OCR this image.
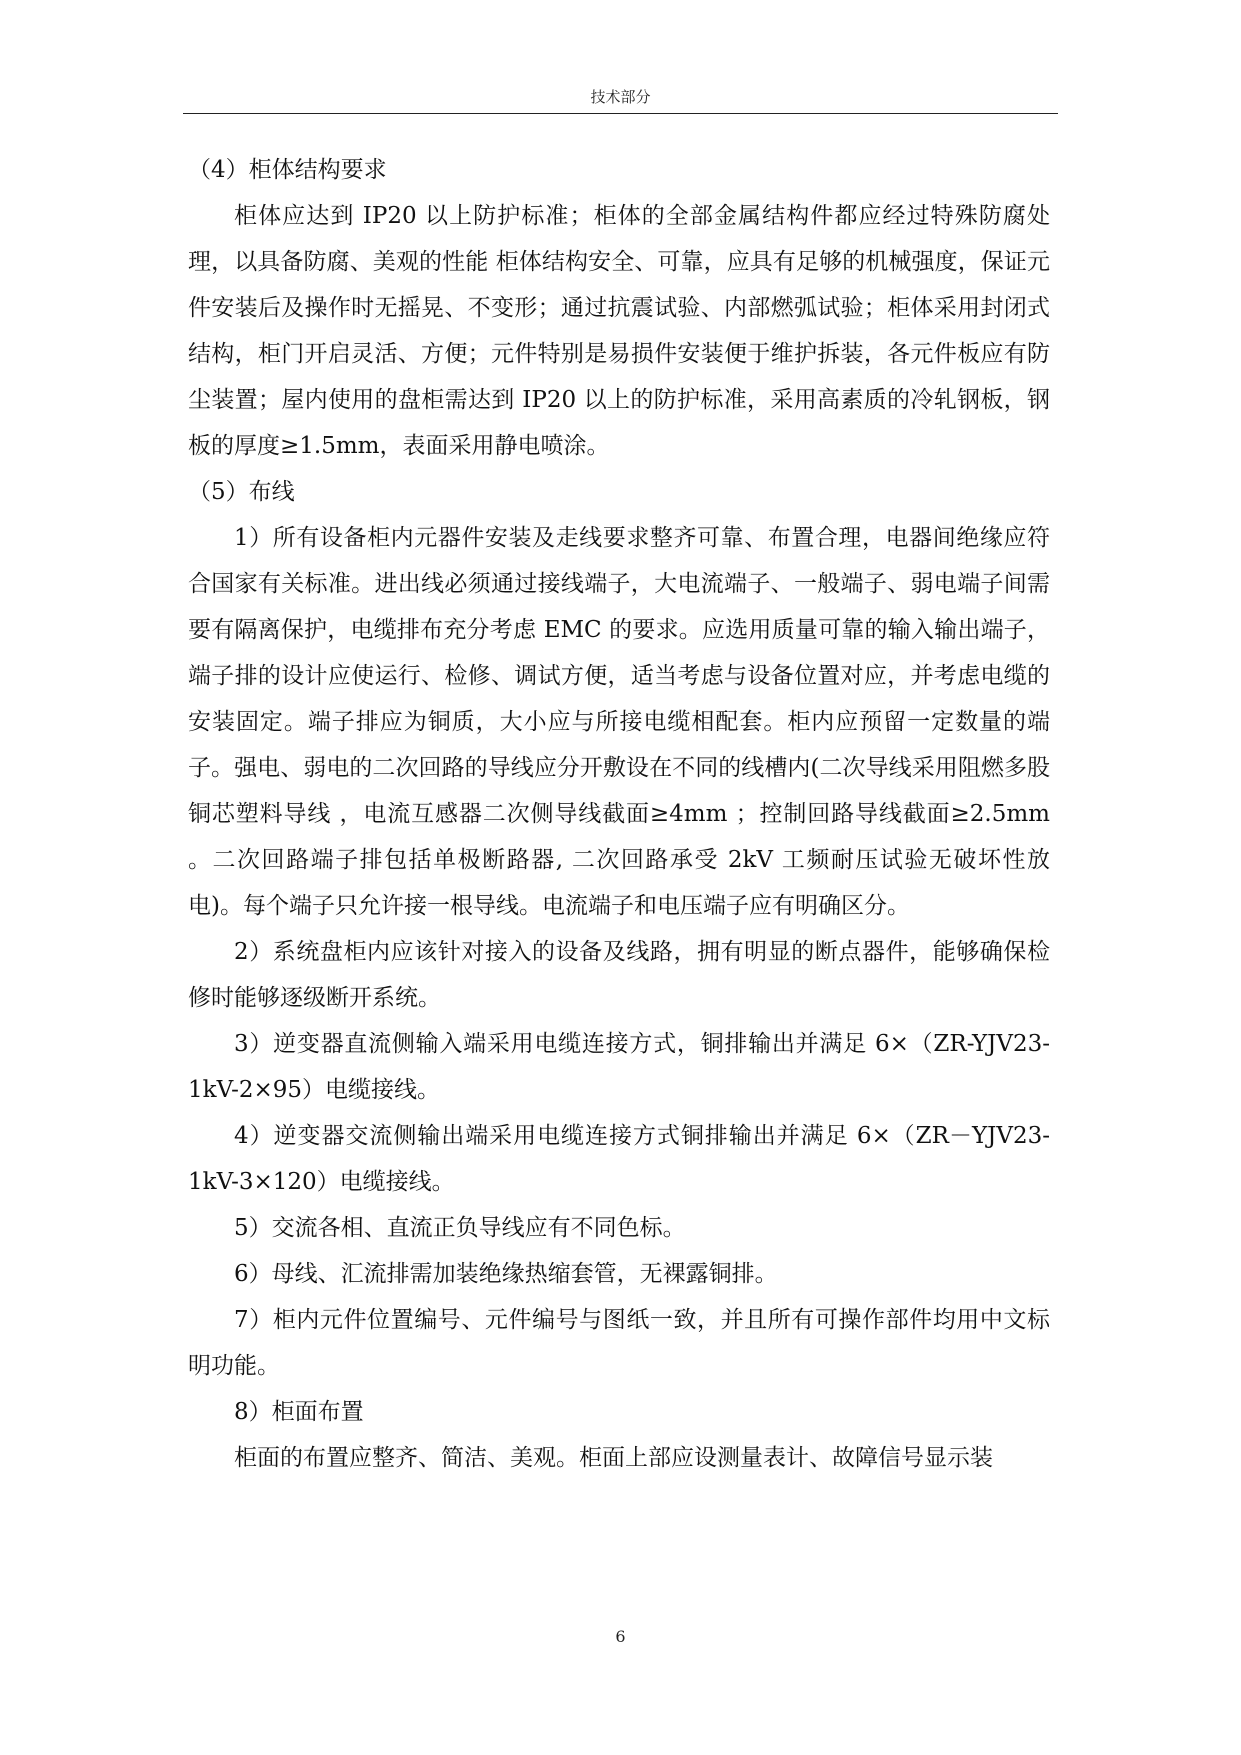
技术部分

（4）柜体结构要求

柜体应达到 IP20 以上防护标准；柜体的全部金属结构件都应经过特殊防腐处理，以具备防腐、美观的性能 柜体结构安全、可靠，应具有足够的机械强度，保证元件安装后及操作时无摇晃、不变形；通过抗震试验、内部燃弧试验；柜体采用封闭式结构，柜门开启灵活、方便；元件特别是易损件安装便于维护拆装，各元件板应有防尘装置；屋内使用的盘柜需达到 IP20 以上的防护标准，采用高素质的冷轧钢板，钢板的厚度≥1.5mm，表面采用静电喷涂。

（5）布线

1）所有设备柜内元器件安装及走线要求整齐可靠、布置合理，电器间绝缘应符合国家有关标准。进出线必须通过接线端子，大电流端子、一般端子、弱电端子间需要有隔离保护，电缆排布充分考虑 EMC 的要求。应选用质量可靠的输入输出端子，端子排的设计应使运行、检修、调试方便，适当考虑与设备位置对应，并考虑电缆的安装固定。端子排应为铜质，大小应与所接电缆相配套。柜内应预留一定数量的端子。强电、弱电的二次回路的导线应分开敷设在不同的线槽内(二次导线采用阻燃多股铜芯塑料导线 ，电流互感器二次侧导线截面≥4mm ；控制回路导线截面≥2.5mm 。二次回路端子排包括单极断路器, 二次回路承受 2kV 工频耐压试验无破坏性放电)。每个端子只允许接一根导线。电流端子和电压端子应有明确区分。

2）系统盘柜内应该针对接入的设备及线路，拥有明显的断点器件，能够确保检修时能够逐级断开系统。

3）逆变器直流侧输入端采用电缆连接方式，铜排输出并满足 6×（ZR-YJV23-1kV-2×95）电缆接线。

4）逆变器交流侧输出端采用电缆连接方式铜排输出并满足 6×（ZR－YJV23-1kV-3×120）电缆接线。

5）交流各相、直流正负导线应有不同色标。

6）母线、汇流排需加装绝缘热缩套管，无裸露铜排。

7）柜内元件位置编号、元件编号与图纸一致，并且所有可操作部件均用中文标明功能。

8）柜面布置

柜面的布置应整齐、简洁、美观。柜面上部应设测量表计、故障信号显示装

6
